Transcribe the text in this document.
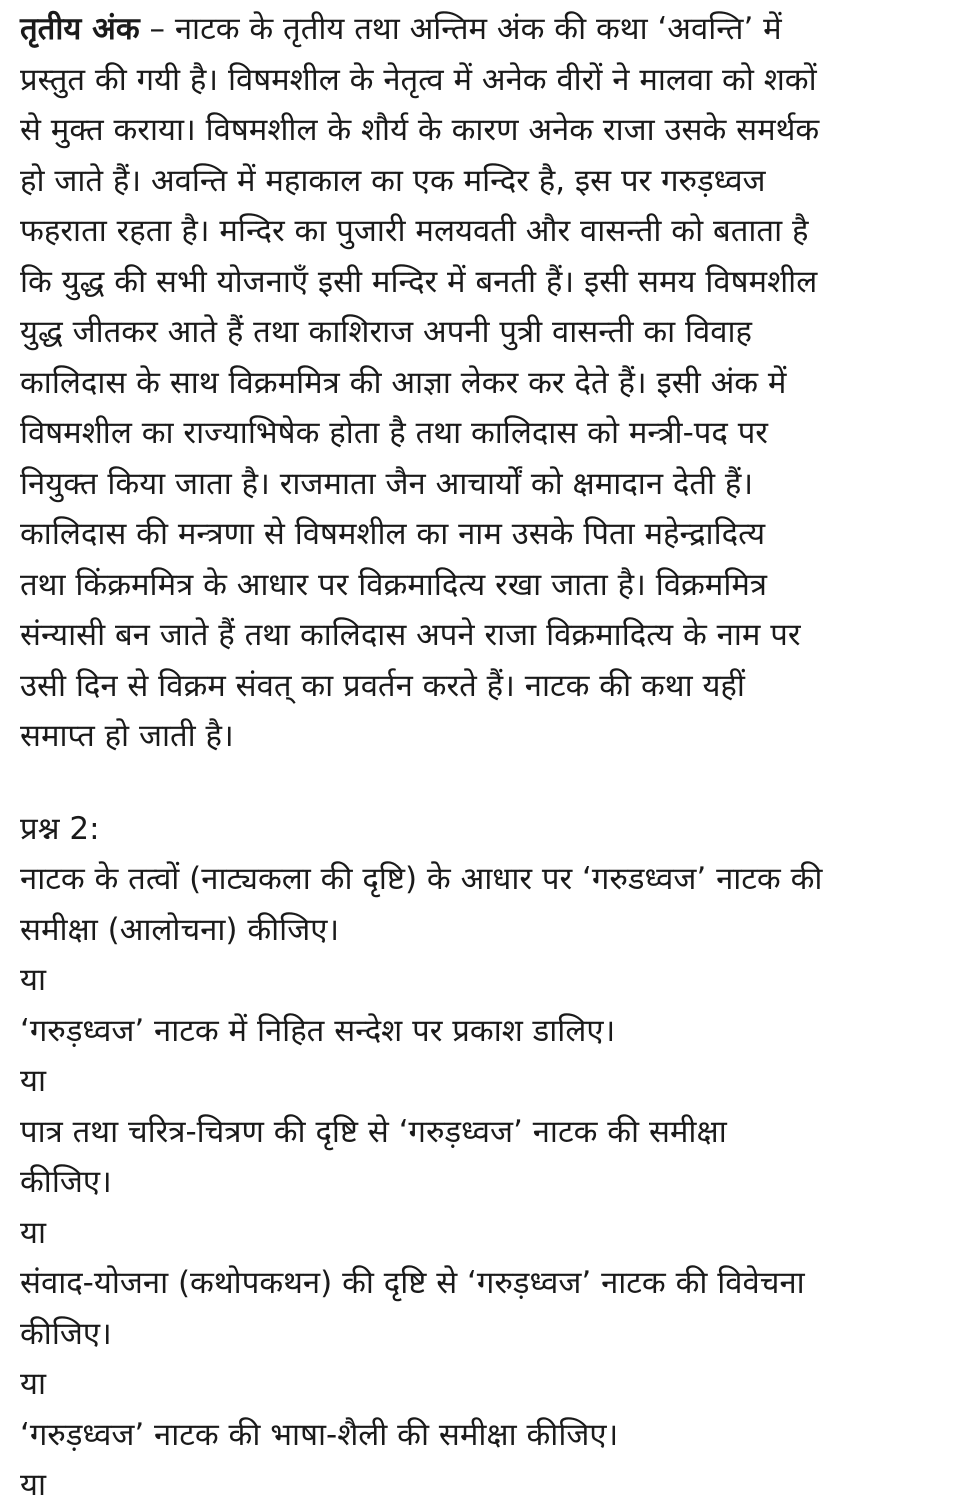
तृतीय अंक – नाटक के तृतीय तथा अन्तिम अंक की कथा ‘अवन्ति’ में
प्रस्तुत की गयी है। विषमशील के नेतृत्व में अनेक वीरों ने मालवा को शकों
से मुक्त कराया। विषमशील के शौर्य के कारण अनेक राजा उसके समर्थक
हो जाते हैं। अवन्ति में महाकाल का एक मन्दिर है, इस पर गरुड़ध्वज
फहराता रहता है। मन्दिर का पुजारी मलयवती और वासन्ती को बताता है
कि युद्ध की सभी योजनाएँ इसी मन्दिर में बनती हैं। इसी समय विषमशील
युद्ध जीतकर आते हैं तथा काशिराज अपनी पुत्री वासन्ती का विवाह
कालिदास के साथ विक्रममित्र की आज्ञा लेकर कर देते हैं। इसी अंक में
विषमशील का राज्याभिषेक होता है तथा कालिदास को मन्त्री-पद पर
नियुक्त किया जाता है। राजमाता जैन आचार्यों को क्षमादान देती हैं।
कालिदास की मन्त्रणा से विषमशील का नाम उसके पिता महेन्द्रादित्य
तथा किंक्रममित्र के आधार पर विक्रमादित्य रखा जाता है। विक्रममित्र
संन्यासी बन जाते हैं तथा कालिदास अपने राजा विक्रमादित्य के नाम पर
उसी दिन से विक्रम संवत् का प्रवर्तन करते हैं। नाटक की कथा यहीं
समाप्त हो जाती है।
प्रश्न 2:
नाटक के तत्वों (नाट्यकला की दृष्टि) के आधार पर ‘गरुडध्वज’ नाटक की
समीक्षा (आलोचना) कीजिए।
या
‘गरुड़ध्वज’ नाटक में निहित सन्देश पर प्रकाश डालिए।
या
पात्र तथा चरित्र-चित्रण की दृष्टि से ‘गरुड़ध्वज’ नाटक की समीक्षा
कीजिए।
या
संवाद-योजना (कथोपकथन) की दृष्टि से ‘गरुड़ध्वज’ नाटक की विवेचना
कीजिए।
या
‘गरुड़ध्वज’ नाटक की भाषा-शैली की समीक्षा कीजिए।
या
